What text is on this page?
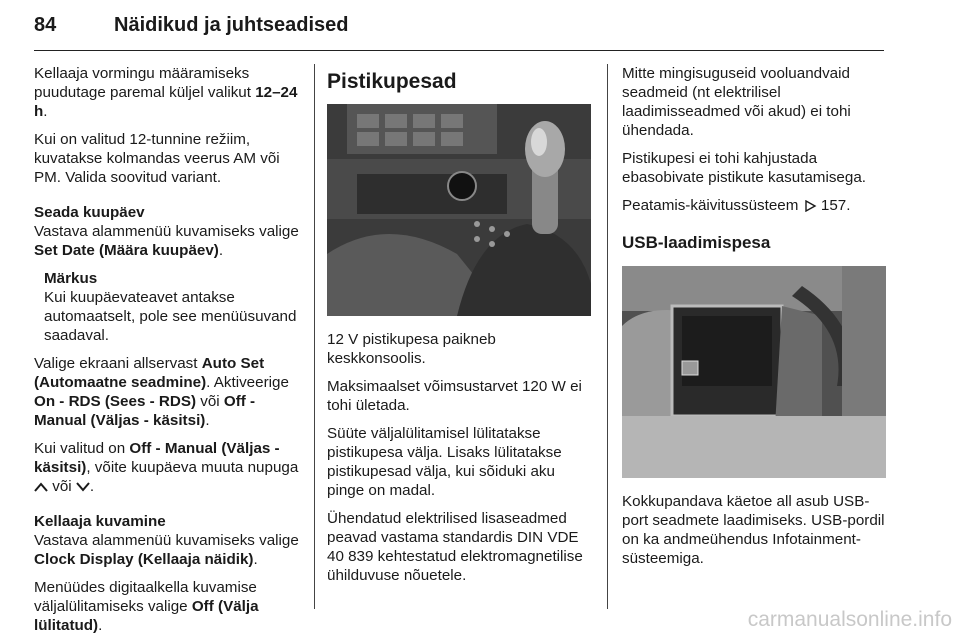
84	Näidikud ja juhtseadised

Kellaaja vormingu määramiseks puudutage paremal küljel valikut 12–24 h.

Kui on valitud 12-tunnine režiim, kuvatakse kolmandas veerus AM või PM. Valida soovitud variant.

Seada kuupäev

Vastava alammenüü kuvamiseks valige Set Date (Määra kuupäev).

Märkus
Kui kuupäevateavet antakse automaatselt, pole see menüüsuvand saadaval.

Valige ekraani allservast Auto Set (Automaatne seadmine). Aktiveerige On - RDS (Sees - RDS) või Off - Manual (Väljas - käsitsi).

Kui valitud on Off - Manual (Väljas - käsitsi), võite kuupäeva muuta nupuga  või .

Kellaaja kuvamine

Vastava alammenüü kuvamiseks valige Clock Display (Kellaaja näidik).

Menüüdes digitaalkella kuvamise väljalülitamiseks valige Off (Välja lülitatud).

Pistikupesad

12 V pistikupesa paikneb keskkonsoolis.

Maksimaalset võimsustarvet 120 W ei tohi ületada.

Süüte väljalülitamisel lülitatakse pistikupesa välja. Lisaks lülitatakse pistikupesad välja, kui sõiduki aku pinge on madal.

Ühendatud elektrilised lisaseadmed peavad vastama standardis DIN VDE 40 839 kehtestatud elektromagnetilise ühilduvuse nõuetele.

Mitte mingisuguseid vooluandvaid seadmeid (nt elektrilisel laadimisseadmed või akud) ei tohi ühendada.

Pistikupesi ei tohi kahjustada ebasobivate pistikute kasutamisega.

Peatamis-käivitussüsteem  157.

USB-laadimispesa

Kokkupandava käetoe all asub USB-port seadmete laadimiseks. USB-pordil on ka andmeühendus Infotainment-süsteemiga.

carmanualsonline.info
